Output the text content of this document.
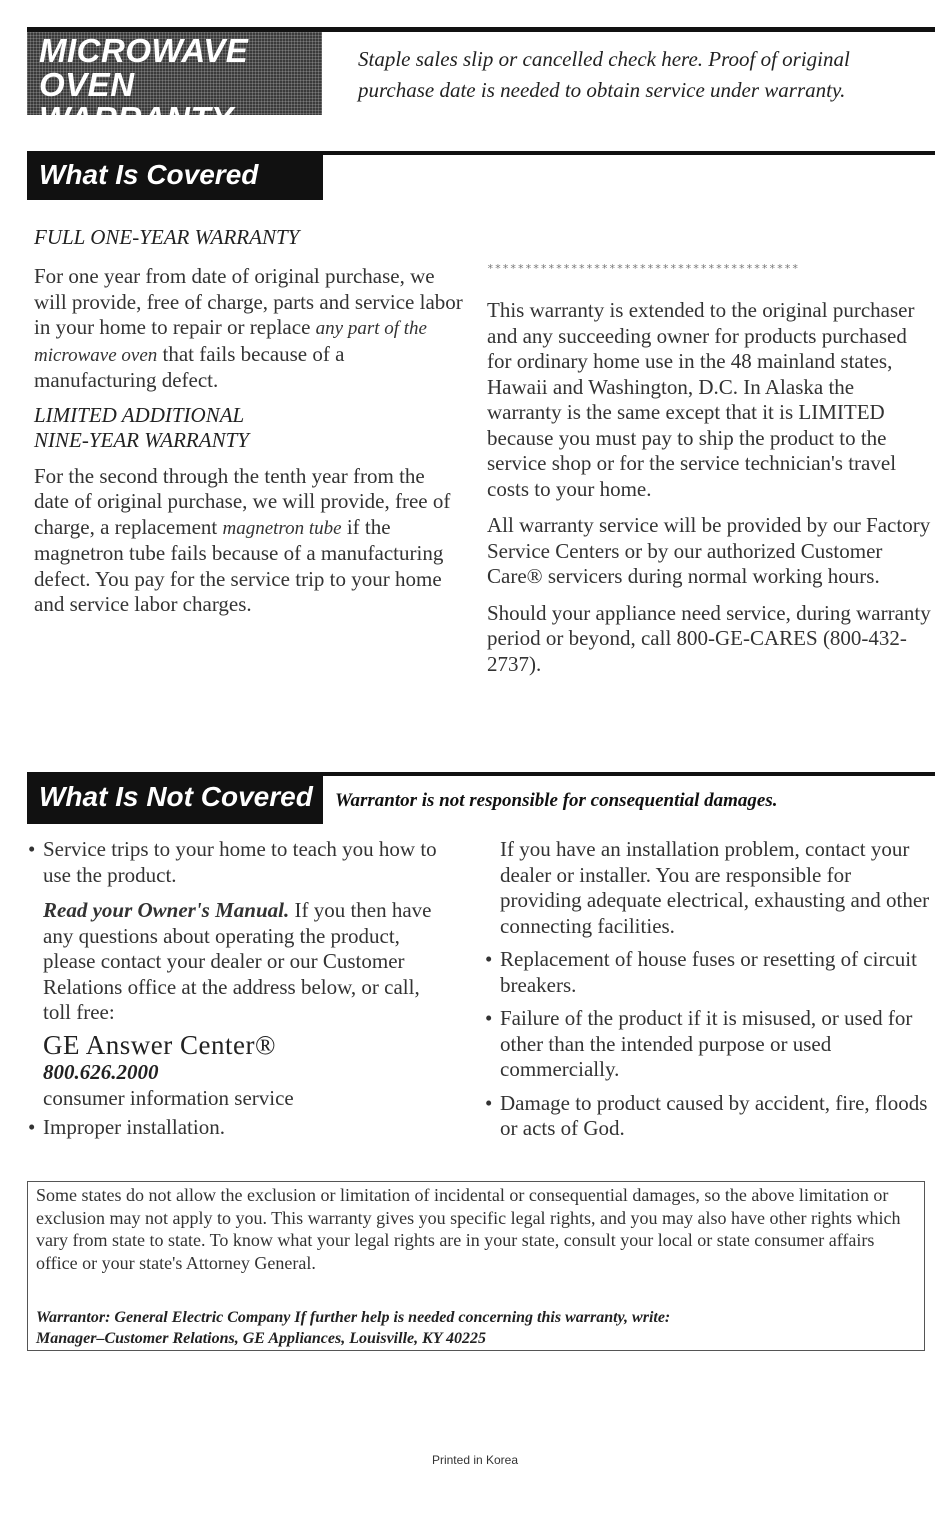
MICROWAVE OVEN
WARRANTY

Staple sales slip or cancelled check here. Proof of original purchase date is needed to obtain service under warranty.

What Is Covered

FULL ONE-YEAR WARRANTY

For one year from date of original purchase, we will provide, free of charge, parts and service labor in your home to repair or replace any part of the microwave oven that fails because of a manufacturing defect.

LIMITED ADDITIONAL
NINE-YEAR WARRANTY

For the second through the tenth year from the date of original purchase, we will provide, free of charge, a replacement magnetron tube if the magnetron tube fails because of a manufacturing defect. You pay for the service trip to your home and service labor charges.

*****************************************

This warranty is extended to the original purchaser and any succeeding owner for products purchased for ordinary home use in the 48 mainland states, Hawaii and Washington, D.C. In Alaska the warranty is the same except that it is LIMITED because you must pay to ship the product to the service shop or for the service technician's travel costs to your home.

All warranty service will be provided by our Factory Service Centers or by our authorized Customer Care® servicers during normal working hours.

Should your appliance need service, during warranty period or beyond, call 800-GE-CARES (800-432-2737).

What Is Not Covered Warrantor is not responsible for consequential damages.

• Service trips to your home to teach you how to use the product.

Read your Owner's Manual. If you then have any questions about operating the product, please contact your dealer or our Customer Relations office at the address below, or call, toll free:

GE Answer Center®

800.626.2000

consumer information service

• Improper installation.

If you have an installation problem, contact your dealer or installer. You are responsible for providing adequate electrical, exhausting and other connecting facilities.

• Replacement of house fuses or resetting of circuit breakers.
• Failure of the product if it is misused, or used for other than the intended purpose or used commercially.
• Damage to product caused by accident, fire, floods or acts of God.

Some states do not allow the exclusion or limitation of incidental or consequential damages, so the above limitation or exclusion may not apply to you. This warranty gives you specific legal rights, and you may also have other rights which vary from state to state. To know what your legal rights are in your state, consult your local or state consumer affairs office or your state's Attorney General.

Warrantor: General Electric Company If further help is needed concerning this warranty, write:
Manager–Customer Relations, GE Appliances, Louisville, KY 40225

Printed in Korea
